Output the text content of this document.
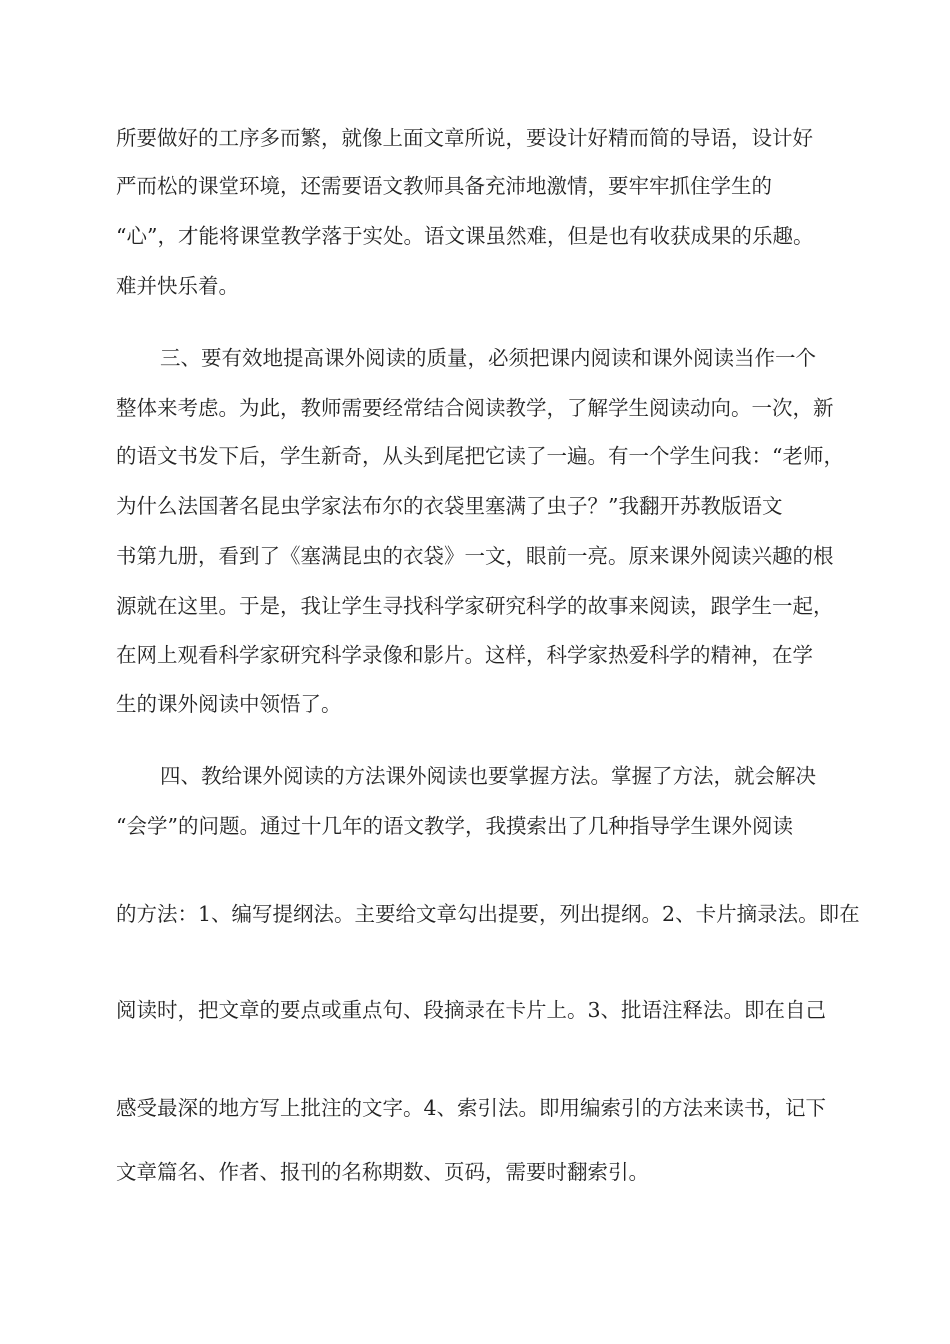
所要做好的工序多而繁，就像上面文章所说，要设计好精而简的导语，设计好
严而松的课堂环境，还需要语文教师具备充沛地激情，要牢牢抓住学生的
“心”，才能将课堂教学落于实处。语文课虽然难，但是也有收获成果的乐趣。
难并快乐着。
三、要有效地提高课外阅读的质量，必须把课内阅读和课外阅读当作一个
整体来考虑。为此，教师需要经常结合阅读教学，了解学生阅读动向。一次，新
的语文书发下后，学生新奇，从头到尾把它读了一遍。有一个学生问我：“老师，
为什么法国著名昆虫学家法布尔的衣袋里塞满了虫子？”我翻开苏教版语文
书第九册，看到了《塞满昆虫的衣袋》一文，眼前一亮。原来课外阅读兴趣的根
源就在这里。于是，我让学生寻找科学家研究科学的故事来阅读，跟学生一起，
在网上观看科学家研究科学录像和影片。这样，科学家热爱科学的精神，在学
生的课外阅读中领悟了。
四、教给课外阅读的方法课外阅读也要掌握方法。掌握了方法，就会解决
“会学”的问题。通过十几年的语文教学，我摸索出了几种指导学生课外阅读
的方法：1、编写提纲法。主要给文章勾出提要，列出提纲。2、卡片摘录法。即在
阅读时，把文章的要点或重点句、段摘录在卡片上。3、批语注释法。即在自己
感受最深的地方写上批注的文字。4、索引法。即用编索引的方法来读书，记下
文章篇名、作者、报刊的名称期数、页码，需要时翻索引。
